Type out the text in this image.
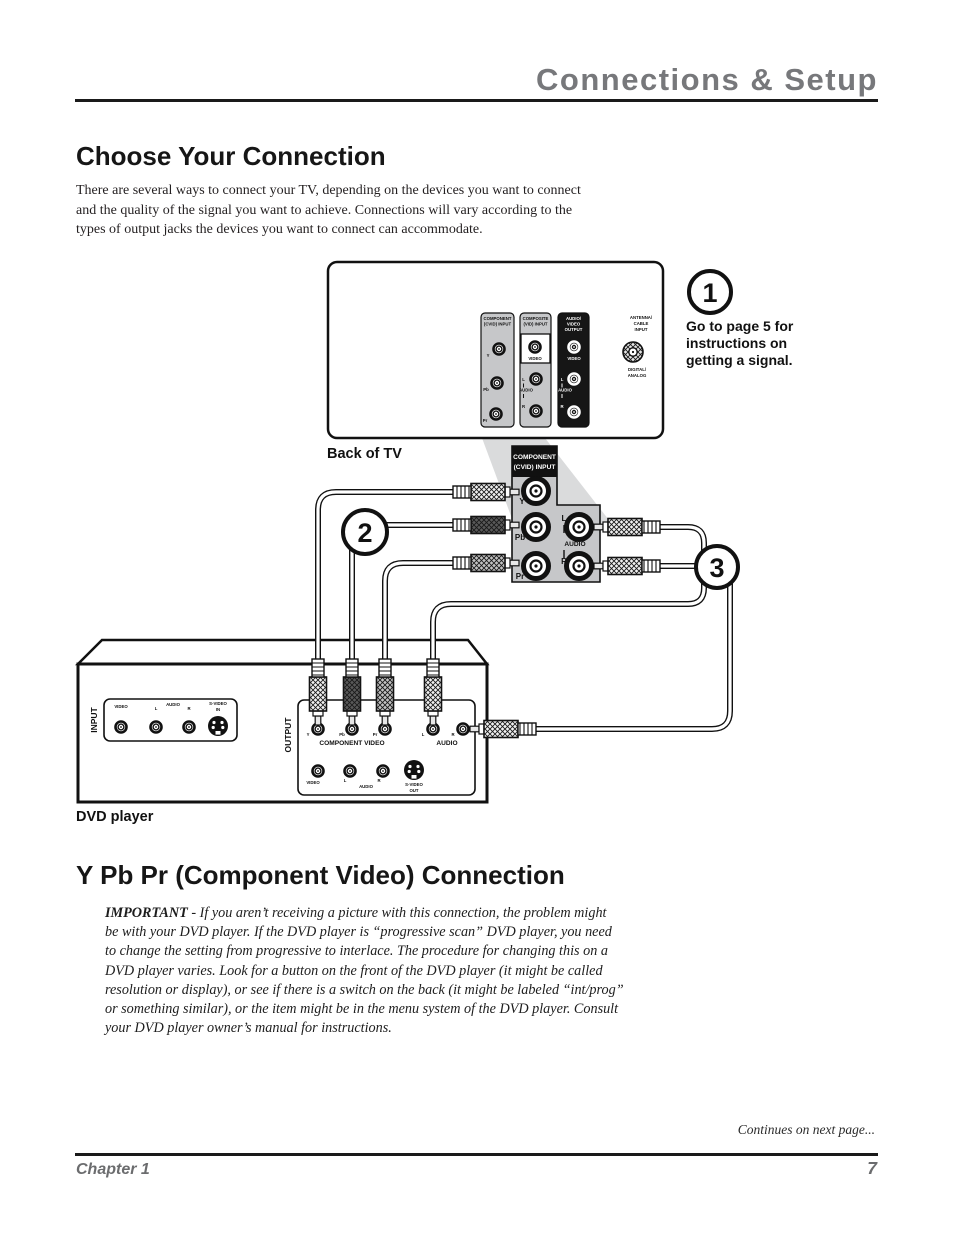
Connections & Setup
Choose Your Connection
There are several ways to connect your TV, depending on the devices you want to connect
and the quality of the signal you want to achieve. Connections will vary according to the
types of output jacks the devices you want to connect can accommodate.
COMPONENT
(CVID) INPUT
Y
Pb
Pr
COMPOSITE
(VID) INPUT
VIDEO
L
AUDIO
R
AUDIO/
VIDEO
OUTPUT
VIDEO
L
AUDIO
R
ANTENNA/
CABLE
INPUT
DIGITAL/
ANALOG
Back of TV	COMPONENT
(CVID) INPUT
Y
Pb
Pr
L
AUDIO
R
INPUT
VIDEO	L
AUDIO
R
S-VIDEO
IN
OUTPUT	Y	Pb	Pr	L	R
COMPONENT VIDEO	AUDIO
VIDEO	L
AUDIO
R
S-VIDEO
OUT
DVD player
1
2
3
Go to page 5 for
instructions on
getting a signal.
Y Pb Pr (Component Video) Connection
IMPORTANT - If you aren’t receiving a picture with this connection, the problem might
be with your DVD player. If the DVD player is “progressive scan” DVD player, you need
to change the setting from progressive to interlace. The procedure for changing this on a
DVD player varies. Look for a button on the front of the DVD player (it might be called
resolution or display), or see if there is a switch on the back (it might be labeled “int/prog”
or something similar), or the item might be in the menu system of the DVD player. Consult
your DVD player owner’s manual for instructions.
Continues on next page...
Chapter 1	7
